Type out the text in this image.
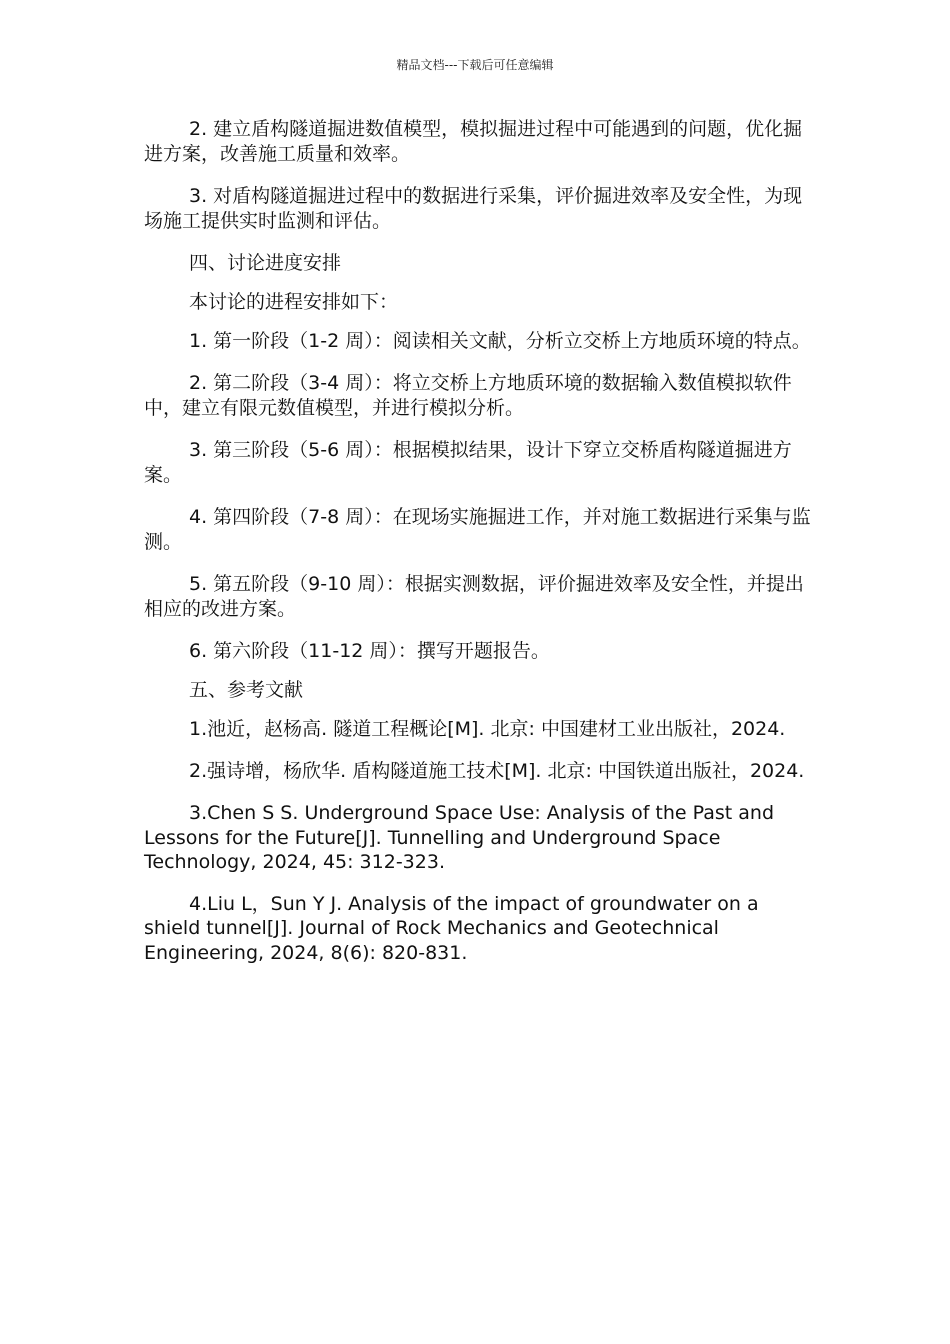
精品文档---下载后可任意编辑

2. 建立盾构隧道掘进数值模型，模拟掘进过程中可能遇到的问题，优化掘进方案，改善施工质量和效率。

3. 对盾构隧道掘进过程中的数据进行采集，评价掘进效率及安全性，为现场施工提供实时监测和评估。

四、讨论进度安排

本讨论的进程安排如下：

1. 第一阶段（1-2 周）：阅读相关文献，分析立交桥上方地质环境的特点。

2. 第二阶段（3-4 周）：将立交桥上方地质环境的数据输入数值模拟软件中，建立有限元数值模型，并进行模拟分析。

3. 第三阶段（5-6 周）：根据模拟结果，设计下穿立交桥盾构隧道掘进方案。

4. 第四阶段（7-8 周）：在现场实施掘进工作，并对施工数据进行采集与监测。

5. 第五阶段（9-10 周）：根据实测数据，评价掘进效率及安全性，并提出相应的改进方案。

6. 第六阶段（11-12 周）：撰写开题报告。

五、参考文献

1.池近，赵杨高. 隧道工程概论[M]. 北京: 中国建材工业出版社，2024.

2.强诗增，杨欣华. 盾构隧道施工技术[M]. 北京: 中国铁道出版社，2024.

3.Chen S S. Underground Space Use: Analysis of the Past and Lessons for the Future[J]. Tunnelling and Underground Space Technology, 2024, 45: 312-323.

4.Liu L，Sun Y J. Analysis of the impact of groundwater on a shield tunnel[J]. Journal of Rock Mechanics and Geotechnical Engineering, 2024, 8(6): 820-831.
